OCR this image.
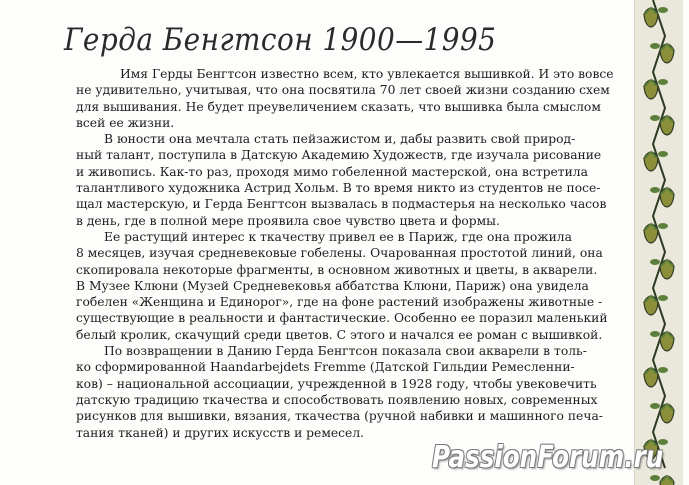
Герда Бенгтсон 1900—1995

Имя Герды Бенгтсон известно всем, кто увлекается вышивкой. И это вовсе
не удивительно, учитывая, что она посвятила 70 лет своей жизни созданию схем
для вышивания. Не будет преувеличением сказать, что вышивка была смыслом
всей ее жизни.

В юности она мечтала стать пейзажистом и, дабы развить свой природ-
ный талант, поступила в Датскую Академию Художеств, где изучала рисование
и живопись. Как-то раз, проходя мимо гобеленной мастерской, она встретила
талантливого художника Астрид Хольм. В то время никто из студентов не посе-
щал мастерскую, и Герда Бенгтсон вызвалась в подмастерья на несколько часов
в день, где в полной мере проявила свое чувство цвета и формы.

Ее растущий интерес к ткачеству привел ее в Париж, где она прожила
8 месяцев, изучая средневековые гобелены. Очарованная простотой линий, она
скопировала некоторые фрагменты, в основном животных и цветы, в акварели.
В Музее Клюни (Музей Средневековья аббатства Клюни, Париж) она увидела
гобелен «Женщина и Единорог», где на фоне растений изображены животные -
существующие в реальности и фантастические. Особенно ее поразил маленький
белый кролик, скачущий среди цветов. С этого и начался ее роман с вышивкой.

По возвращении в Данию Герда Бенгтсон показала свои акварели в толь-
ко сформированной Haandarbejdets Fremme (Датской Гильдии Ремесленни-
ков) – национальной ассоциации, учрежденной в 1928 году, чтобы увековечить
датскую традицию ткачества и способствовать появлению новых, современных
рисунков для вышивки, вязания, ткачества (ручной набивки и машинного печа-
тания тканей) и других искусств и ремесел.

PassionForum.ru
